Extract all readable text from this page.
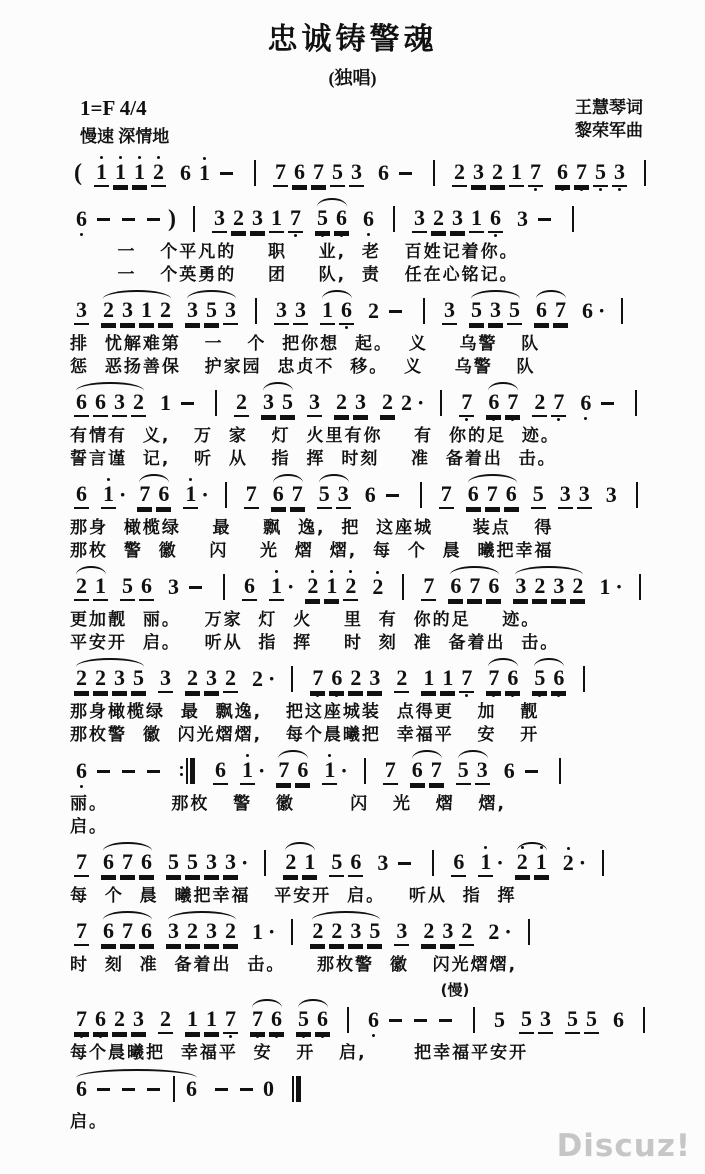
忠诚铸警魂
(独唱)
1=F 4/4
慢速 深情地
王慧琴词
黎荣军曲
( 1 1 1 2 6 1	7 6 7 5 3 6	2 3 2 1 7 6 7 5 3
6	) 3 2 3 1 7 5 6 6 3 2 3 1 6 3
一   个平凡的    职    业,  老   百姓记着你。
一   个英勇的    团    队,  责   任在心铭记。
3 2 3 1 2 3 5 3 3 3 1 6 2	3 5 3 5 6 7 6 ·
排  忧解难第   一   个  把你想  起。  义    乌警   队
惩  恶扬善保   护家园  忠贞不  移。  义    乌警   队
6 6 3 2 1	2 3 5 3 2 3 2 2 · 7 6 7 2 7 6
有情有  义,   万  家   灯  火里有你    有  你的足  迹。
誓言谨  记,   听  从   指  挥  时刻    准  备着出  击。
6 1 · 7 6 1 · 7 6 7 5 3 6	7 6 7 6 5 3 3 3
那身  橄榄绿    最    飘  逸,  把  这座城     装点   得
那枚  警  徽    闪    光  熠  熠,  每  个  晨  曦把幸福
2 1 5 6 3	6 1 · 2 1 2 2 7 6 7 6 3 2 3 2 1 ·
更加靓  丽。   万家  灯  火    里  有  你的足    迹。
平安开  启。   听从  指  挥    时  刻  准  备着出  击。
2 2 3 5 3 2 3 2 2 · 7 6 2 3 2 1 1 7 7 6 5 6
那身橄榄绿  最  飘逸,   把这座城装  点得更   加   靓
那枚警  徽  闪光熠熠,   每个晨曦把  幸福平   安   开
6	6 1 · 7 6 1 · 7 6 7 5 3 6
丽。        那枚   警   徽       闪   光   熠   熠,
启。
7 6 7 6 5 5 3 3 · 2 1 5 6 3	6 1 · 2 1 2 ·
每  个  晨  曦把幸福   平安开  启。   听从  指  挥
7 6 7 6 3 2 3 2 1 · 2 2 3 5 3 2 3 2 2 ·
时  刻  准  备着出  击。    那枚警  徽   闪光熠熠,
(慢)
7 6 2 3 2 1 1 7 7 6 5 6 6	5 5 3 5 5 6
每个晨曦把  幸福平  安   开   启,      把幸福平安开
6	6	0
启。
Discuz!
